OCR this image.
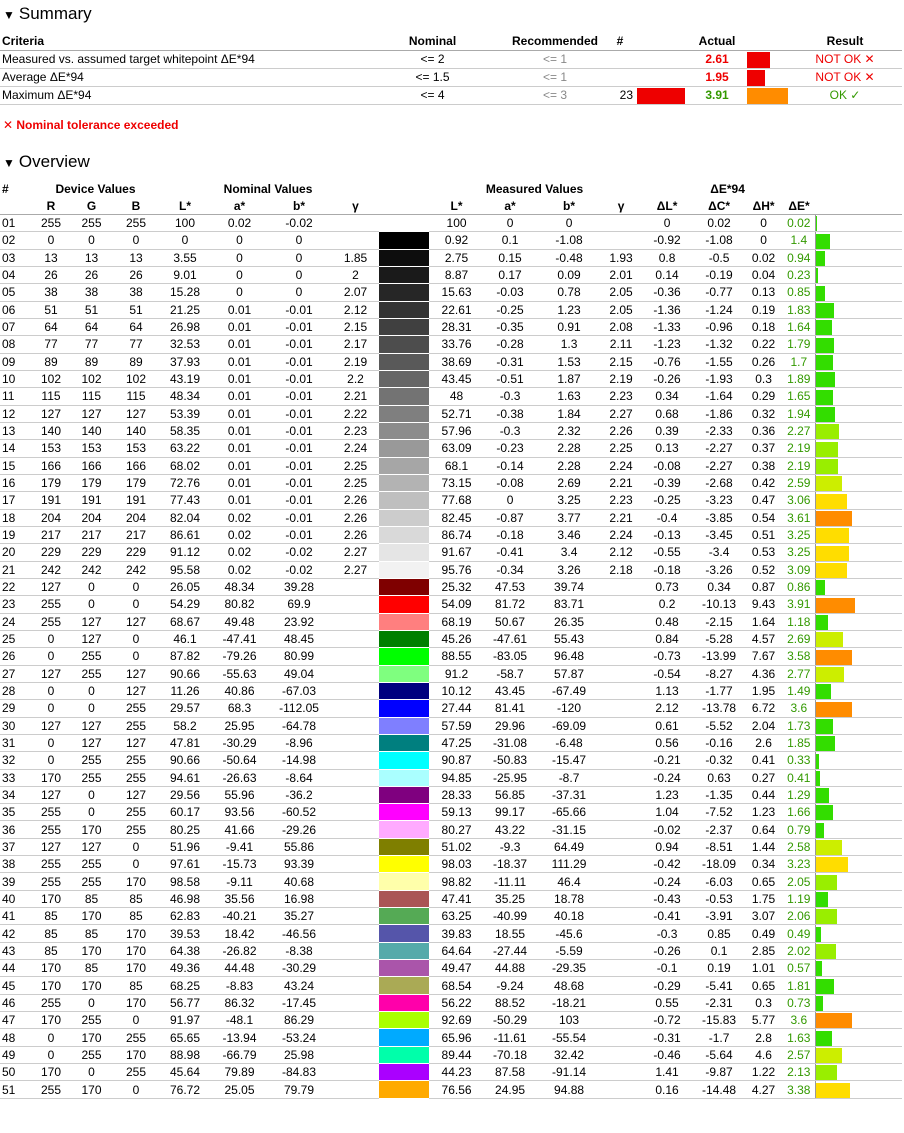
▼ Summary
Criteria	Nominal	Recommended	#		Actual		Result
Measured vs. assumed target whitepoint ΔE*94	<= 2	<= 1			2.61		NOT OK ✕
Average ΔE*94	<= 1.5	<= 1			1.95		NOT OK ✕
Maximum ΔE*94	<= 4	<= 3	23		3.91		OK ✓
✕ Nominal tolerance exceeded
▼ Overview
#	Device Values			Nominal Values					Measured Values				ΔE*94				
	R	G	B	L*	a*	b*	γ		L*	a*	b*	γ	ΔL*	ΔC*	ΔH*	ΔE*	
01	255	255	255	100	0.02	-0.02			100	0	0		0	0.02	0	0.02	
02	0	0	0	0	0	0			0.92	0.1	-1.08		-0.92	-1.08	0	1.4	
03	13	13	13	3.55	0	0	1.85		2.75	0.15	-0.48	1.93	0.8	-0.5	0.02	0.94	
04	26	26	26	9.01	0	0	2		8.87	0.17	0.09	2.01	0.14	-0.19	0.04	0.23	
05	38	38	38	15.28	0	0	2.07		15.63	-0.03	0.78	2.05	-0.36	-0.77	0.13	0.85	
06	51	51	51	21.25	0.01	-0.01	2.12		22.61	-0.25	1.23	2.05	-1.36	-1.24	0.19	1.83	
07	64	64	64	26.98	0.01	-0.01	2.15		28.31	-0.35	0.91	2.08	-1.33	-0.96	0.18	1.64	
08	77	77	77	32.53	0.01	-0.01	2.17		33.76	-0.28	1.3	2.11	-1.23	-1.32	0.22	1.79	
09	89	89	89	37.93	0.01	-0.01	2.19		38.69	-0.31	1.53	2.15	-0.76	-1.55	0.26	1.7	
10	102	102	102	43.19	0.01	-0.01	2.2		43.45	-0.51	1.87	2.19	-0.26	-1.93	0.3	1.89	
11	115	115	115	48.34	0.01	-0.01	2.21		48	-0.3	1.63	2.23	0.34	-1.64	0.29	1.65	
12	127	127	127	53.39	0.01	-0.01	2.22		52.71	-0.38	1.84	2.27	0.68	-1.86	0.32	1.94	
13	140	140	140	58.35	0.01	-0.01	2.23		57.96	-0.3	2.32	2.26	0.39	-2.33	0.36	2.27	
14	153	153	153	63.22	0.01	-0.01	2.24		63.09	-0.23	2.28	2.25	0.13	-2.27	0.37	2.19	
15	166	166	166	68.02	0.01	-0.01	2.25		68.1	-0.14	2.28	2.24	-0.08	-2.27	0.38	2.19	
16	179	179	179	72.76	0.01	-0.01	2.25		73.15	-0.08	2.69	2.21	-0.39	-2.68	0.42	2.59	
17	191	191	191	77.43	0.01	-0.01	2.26		77.68	0	3.25	2.23	-0.25	-3.23	0.47	3.06	
18	204	204	204	82.04	0.02	-0.01	2.26		82.45	-0.87	3.77	2.21	-0.4	-3.85	0.54	3.61	
19	217	217	217	86.61	0.02	-0.01	2.26		86.74	-0.18	3.46	2.24	-0.13	-3.45	0.51	3.25	
20	229	229	229	91.12	0.02	-0.02	2.27		91.67	-0.41	3.4	2.12	-0.55	-3.4	0.53	3.25	
21	242	242	242	95.58	0.02	-0.02	2.27		95.76	-0.34	3.26	2.18	-0.18	-3.26	0.52	3.09	
22	127	0	0	26.05	48.34	39.28			25.32	47.53	39.74		0.73	0.34	0.87	0.86	
23	255	0	0	54.29	80.82	69.9			54.09	81.72	83.71		0.2	-10.13	9.43	3.91	
24	255	127	127	68.67	49.48	23.92			68.19	50.67	26.35		0.48	-2.15	1.64	1.18	
25	0	127	0	46.1	-47.41	48.45			45.26	-47.61	55.43		0.84	-5.28	4.57	2.69	
26	0	255	0	87.82	-79.26	80.99			88.55	-83.05	96.48		-0.73	-13.99	7.67	3.58	
27	127	255	127	90.66	-55.63	49.04			91.2	-58.7	57.87		-0.54	-8.27	4.36	2.77	
28	0	0	127	11.26	40.86	-67.03			10.12	43.45	-67.49		1.13	-1.77	1.95	1.49	
29	0	0	255	29.57	68.3	-112.05			27.44	81.41	-120		2.12	-13.78	6.72	3.6	
30	127	127	255	58.2	25.95	-64.78			57.59	29.96	-69.09		0.61	-5.52	2.04	1.73	
31	0	127	127	47.81	-30.29	-8.96			47.25	-31.08	-6.48		0.56	-0.16	2.6	1.85	
32	0	255	255	90.66	-50.64	-14.98			90.87	-50.83	-15.47		-0.21	-0.32	0.41	0.33	
33	170	255	255	94.61	-26.63	-8.64			94.85	-25.95	-8.7		-0.24	0.63	0.27	0.41	
34	127	0	127	29.56	55.96	-36.2			28.33	56.85	-37.31		1.23	-1.35	0.44	1.29	
35	255	0	255	60.17	93.56	-60.52			59.13	99.17	-65.66		1.04	-7.52	1.23	1.66	
36	255	170	255	80.25	41.66	-29.26			80.27	43.22	-31.15		-0.02	-2.37	0.64	0.79	
37	127	127	0	51.96	-9.41	55.86			51.02	-9.3	64.49		0.94	-8.51	1.44	2.58	
38	255	255	0	97.61	-15.73	93.39			98.03	-18.37	111.29		-0.42	-18.09	0.34	3.23	
39	255	255	170	98.58	-9.11	40.68			98.82	-11.11	46.4		-0.24	-6.03	0.65	2.05	
40	170	85	85	46.98	35.56	16.98			47.41	35.25	18.78		-0.43	-0.53	1.75	1.19	
41	85	170	85	62.83	-40.21	35.27			63.25	-40.99	40.18		-0.41	-3.91	3.07	2.06	
42	85	85	170	39.53	18.42	-46.56			39.83	18.55	-45.6		-0.3	0.85	0.49	0.49	
43	85	170	170	64.38	-26.82	-8.38			64.64	-27.44	-5.59		-0.26	0.1	2.85	2.02	
44	170	85	170	49.36	44.48	-30.29			49.47	44.88	-29.35		-0.1	0.19	1.01	0.57	
45	170	170	85	68.25	-8.83	43.24			68.54	-9.24	48.68		-0.29	-5.41	0.65	1.81	
46	255	0	170	56.77	86.32	-17.45			56.22	88.52	-18.21		0.55	-2.31	0.3	0.73	
47	170	255	0	91.97	-48.1	86.29			92.69	-50.29	103		-0.72	-15.83	5.77	3.6	
48	0	170	255	65.65	-13.94	-53.24			65.96	-11.61	-55.54		-0.31	-1.7	2.8	1.63	
49	0	255	170	88.98	-66.79	25.98			89.44	-70.18	32.42		-0.46	-5.64	4.6	2.57	
50	170	0	255	45.64	79.89	-84.83			44.23	87.58	-91.14		1.41	-9.87	1.22	2.13	
51	255	170	0	76.72	25.05	79.79			76.56	24.95	94.88		0.16	-14.48	4.27	3.38	
